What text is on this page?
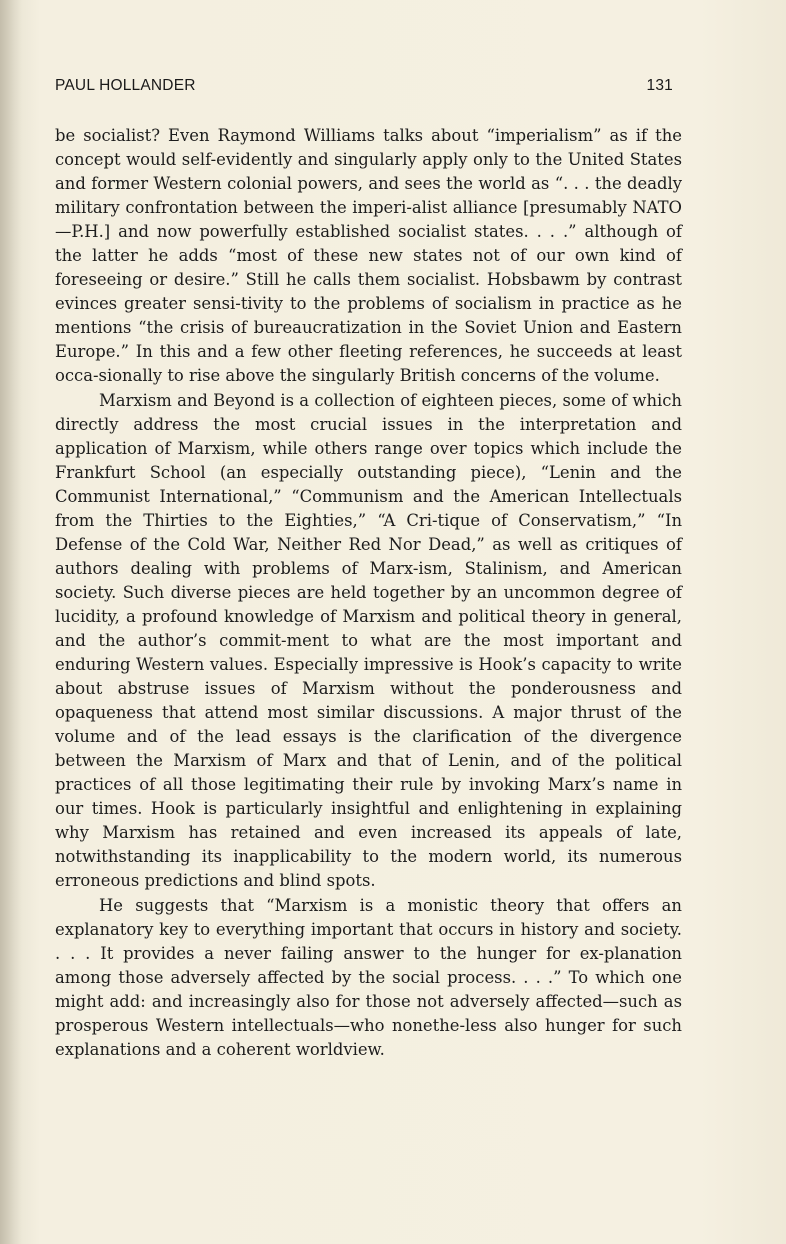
PAUL HOLLANDER	131

be socialist? Even Raymond Williams talks about “imperialism” as if the concept would self-evidently and singularly apply only to the United States and former Western colonial powers, and sees the world as “. . . the deadly military confrontation between the imperi-alist alliance [presumably NATO—P.H.] and now powerfully established socialist states. . . .” although of the latter he adds “most of these new states not of our own kind of foreseeing or desire.” Still he calls them socialist. Hobsbawm by contrast evinces greater sensi-tivity to the problems of socialism in practice as he mentions “the crisis of bureaucratization in the Soviet Union and Eastern Europe.” In this and a few other fleeting references, he succeeds at least occa-sionally to rise above the singularly British concerns of the volume.

Marxism and Beyond is a collection of eighteen pieces, some of which directly address the most crucial issues in the interpretation and application of Marxism, while others range over topics which include the Frankfurt School (an especially outstanding piece), “Lenin and the Communist International,” “Communism and the American Intellectuals from the Thirties to the Eighties,” “A Cri-tique of Conservatism,” “In Defense of the Cold War, Neither Red Nor Dead,” as well as critiques of authors dealing with problems of Marx-ism, Stalinism, and American society. Such diverse pieces are held together by an uncommon degree of lucidity, a profound knowledge of Marxism and political theory in general, and the author’s commit-ment to what are the most important and enduring Western values. Especially impressive is Hook’s capacity to write about abstruse issues of Marxism without the ponderousness and opaqueness that attend most similar discussions. A major thrust of the volume and of the lead essays is the clarification of the divergence between the Marxism of Marx and that of Lenin, and of the political practices of all those legitimating their rule by invoking Marx’s name in our times. Hook is particularly insightful and enlightening in explaining why Marxism has retained and even increased its appeals of late, notwithstanding its inapplicability to the modern world, its numerous erroneous predictions and blind spots.

He suggests that “Marxism is a monistic theory that offers an explanatory key to everything important that occurs in history and society. . . . It provides a never failing answer to the hunger for ex-planation among those adversely affected by the social process. . . .” To which one might add: and increasingly also for those not adversely affected—such as prosperous Western intellectuals—who nonethe-less also hunger for such explanations and a coherent worldview.
